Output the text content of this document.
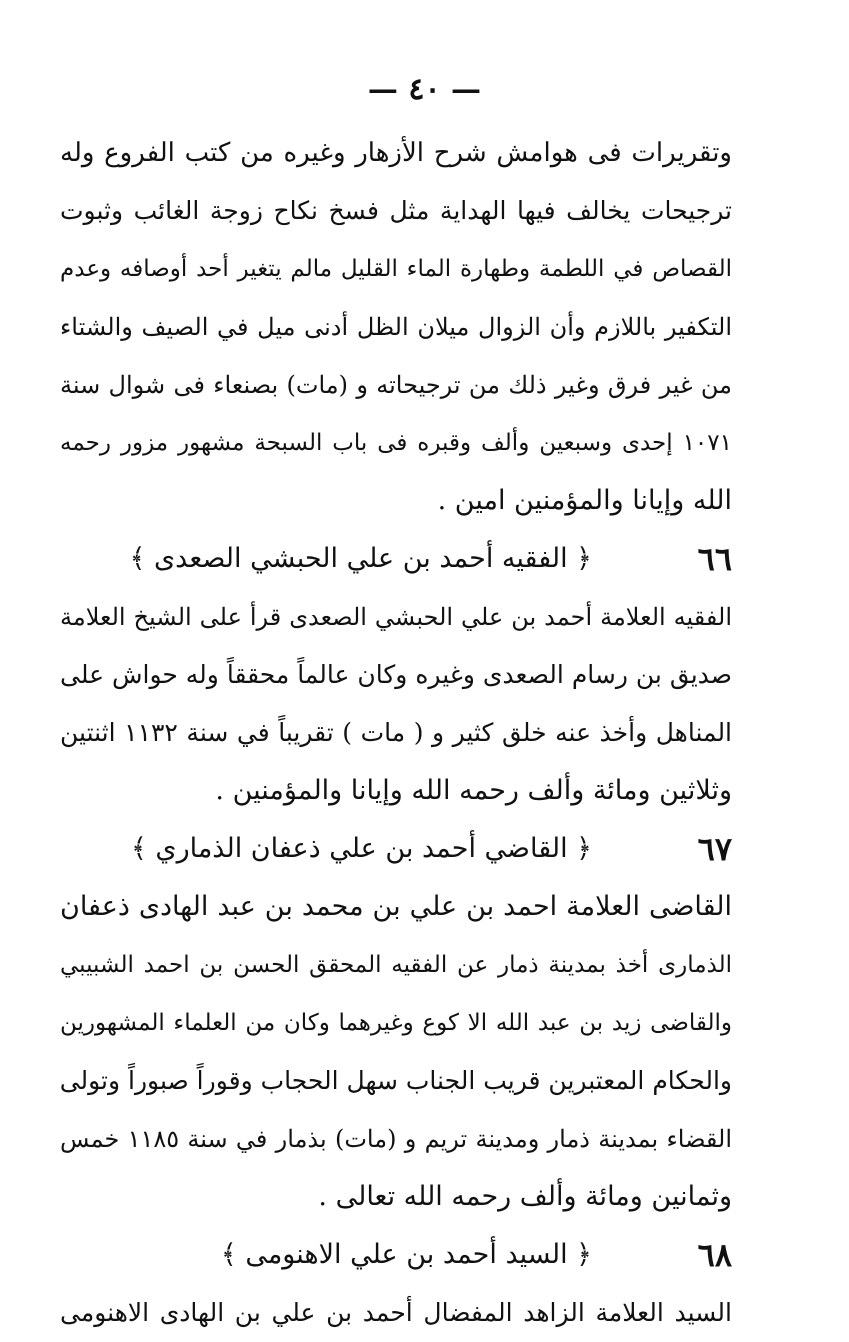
— ٤٠ —
وتقريرات فى هوامش شرح الأزهار وغيره من كتب الفروع وله
ترجيحات يخالف فيها الهداية مثل فسخ نكاح زوجة الغائب وثبوت
القصاص في اللطمة وطهارة الماء القليل مالم يتغير أحد أوصافه وعدم
التكفير باللازم وأن الزوال ميلان الظل أدنى ميل في الصيف والشتاء
من غير فرق وغير ذلك من ترجيحاته و (مات) بصنعاء فى شوال سنة
١٠٧١ إحدى وسبعين وألف وقبره فى باب السبحة مشهور مزور رحمه
الله وإيانا والمؤمنين امين .
٦٦
﴿ الفقيه أحمد بن علي الحبشي الصعدى ﴾
الفقيه العلامة أحمد بن علي الحبشي الصعدى قرأ على الشيخ العلامة
صديق بن رسام الصعدى وغيره وكان عالماً محققاً وله حواش على
المناهل وأخذ عنه خلق كثير و ( مات ) تقريباً في سنة ١١٣٢ اثنتين
وثلاثين ومائة وألف رحمه الله وإيانا والمؤمنين .
٦٧
﴿ القاضي أحمد بن علي ذعفان الذماري ﴾
القاضى العلامة احمد بن علي بن محمد بن عبد الهادى ذعفان
الذمارى أخذ بمدينة ذمار عن الفقيه المحقق الحسن بن احمد الشبيبي
والقاضى زيد بن عبد الله الا كوع وغيرهما وكان من العلماء المشهورين
والحكام المعتبرين قريب الجناب سهل الحجاب وقوراً صبوراً وتولى
القضاء بمدينة ذمار ومدينة تريم و (مات) بذمار في سنة ١١٨٥ خمس
وثمانين ومائة وألف رحمه الله تعالى .
٦٨
﴿ السيد أحمد بن علي الاهنومى ﴾
السيد العلامة الزاهد المفضال أحمد بن علي بن الهادى الاهنومى
